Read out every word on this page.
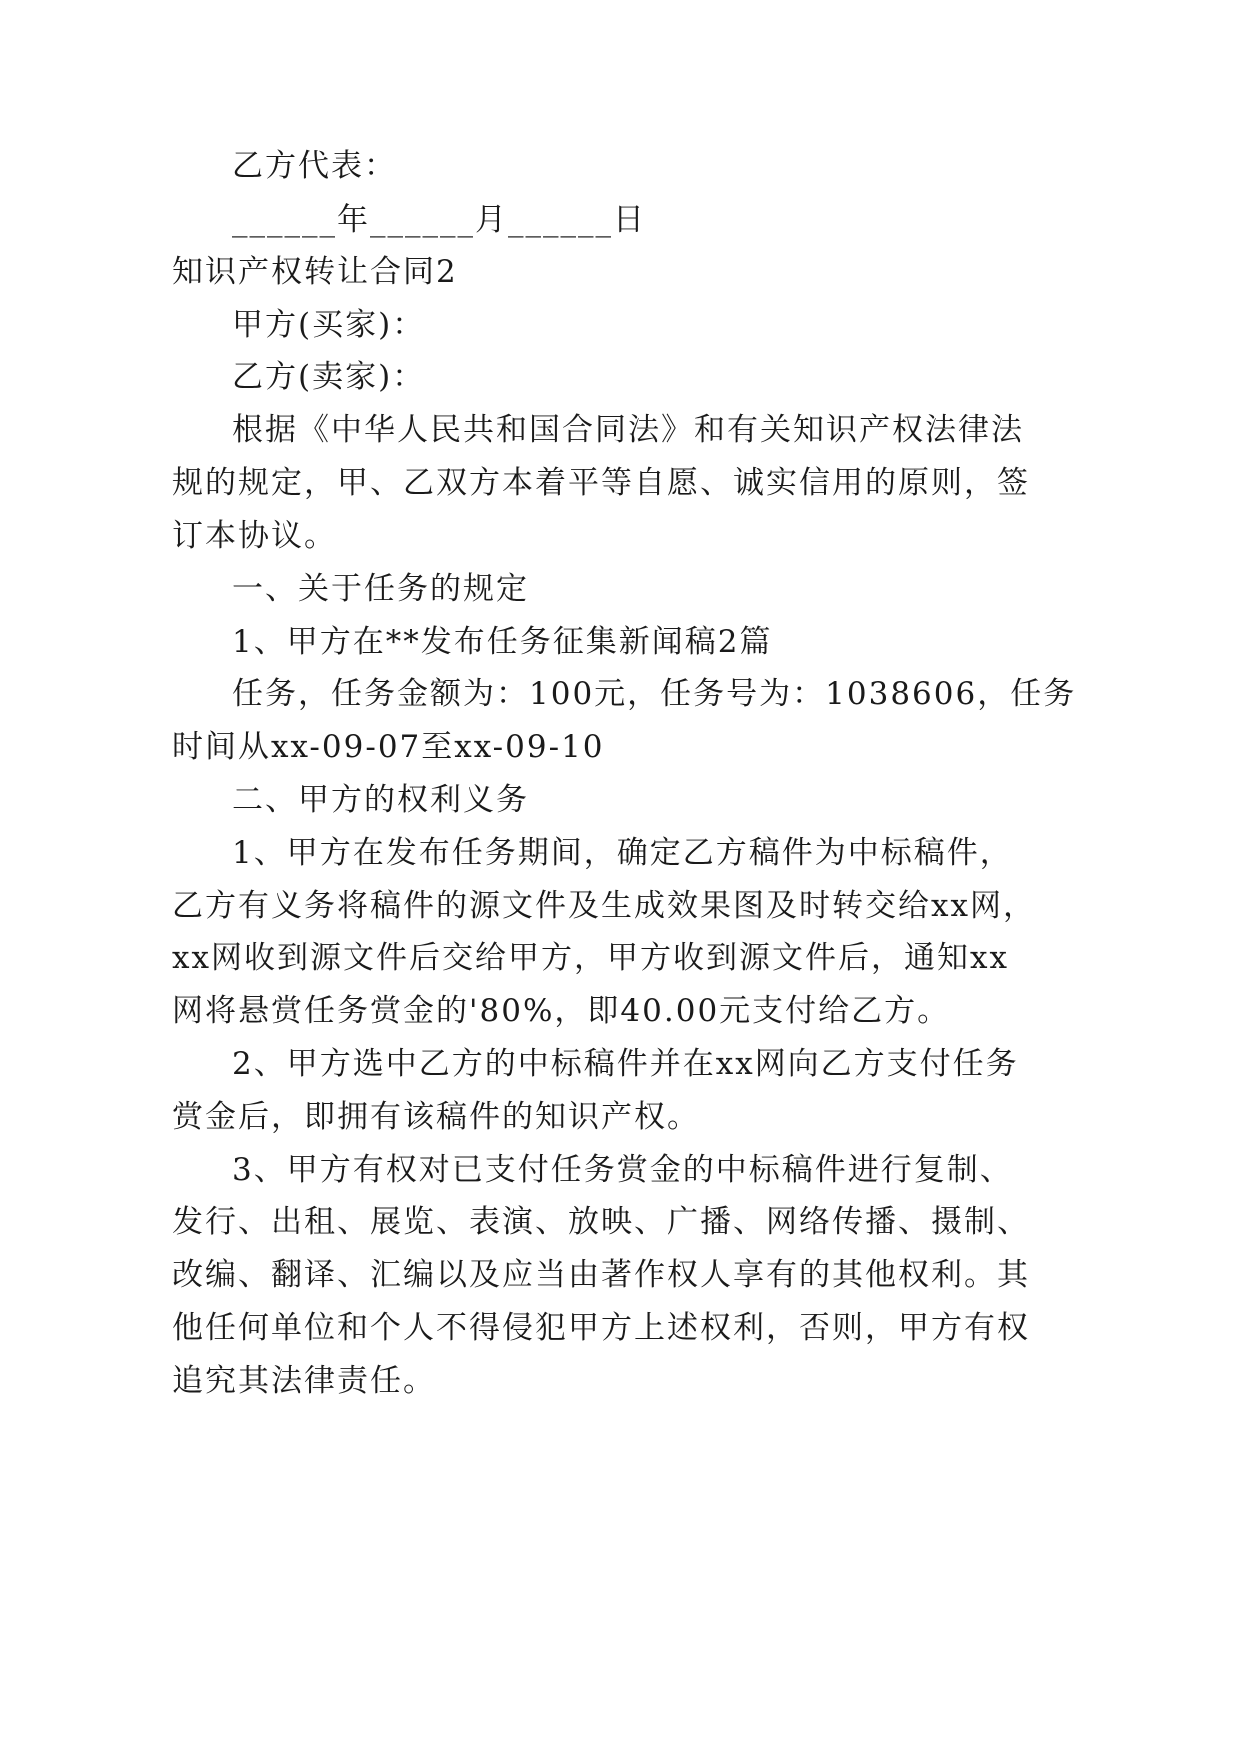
乙方代表：
______年______月______日
知识产权转让合同2
甲方(买家)：
乙方(卖家)：
根据《中华人民共和国合同法》和有关知识产权法律法
规的规定，甲、乙双方本着平等自愿、诚实信用的原则，签
订本协议。
一、关于任务的规定
1、甲方在**发布任务征集新闻稿2篇
任务，任务金额为：100元，任务号为：1038606，任务
时间从xx-09-07至xx-09-10
二、甲方的权利义务
1、甲方在发布任务期间，确定乙方稿件为中标稿件，
乙方有义务将稿件的源文件及生成效果图及时转交给xx网，
xx网收到源文件后交给甲方，甲方收到源文件后，通知xx
网将悬赏任务赏金的'80%，即40.00元支付给乙方。
2、甲方选中乙方的中标稿件并在xx网向乙方支付任务
赏金后，即拥有该稿件的知识产权。
3、甲方有权对已支付任务赏金的中标稿件进行复制、
发行、出租、展览、表演、放映、广播、网络传播、摄制、
改编、翻译、汇编以及应当由著作权人享有的其他权利。其
他任何单位和个人不得侵犯甲方上述权利，否则，甲方有权
追究其法律责任。
